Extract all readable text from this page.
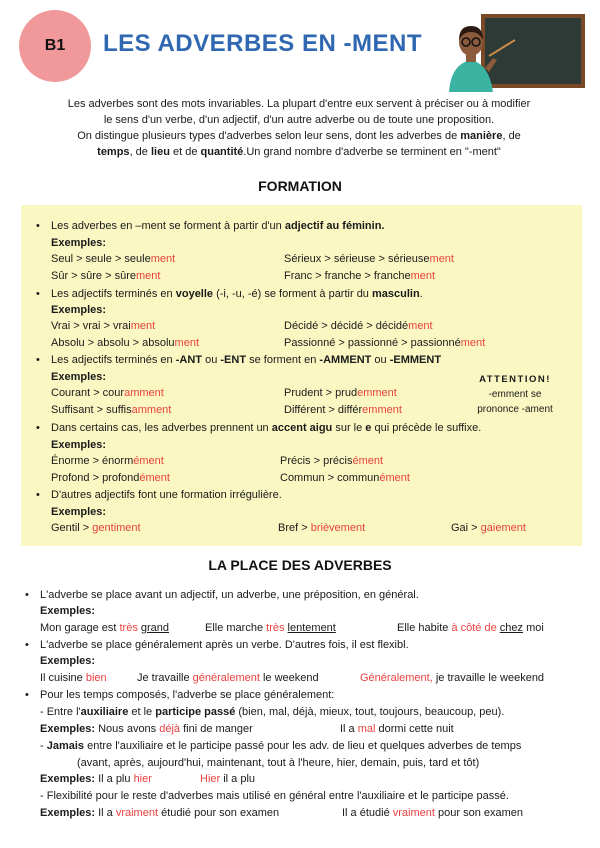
B1 LES ADVERBES EN -MENT
Les adverbes sont des mots invariables. La plupart d'entre eux servent à préciser ou à modifier
le sens d'un verbe, d'un adjectif, d'un autre adverbe ou de toute une proposition.
On distingue plusieurs types d'adverbes selon leur sens, dont les adverbes de manière, de
temps, de lieu et de quantité.Un grand nombre d'adverbe se terminent en "-ment"
FORMATION
• Les adverbes en –ment se forment à partir d'un adjectif au féminin.
Exemples:
Seul > seule > seulement	Sérieux > sérieuse > sérieusement
Sûr > sûre > sûrement	Franc > franche > franchement
• Les adjectifs terminés en voyelle (-i, -u, -é) se forment à partir du masculin.
Exemples:
Vrai > vrai > vraiment	Décidé > décidé > décidément
Absolu > absolu > absolument	Passionné > passionné > passionnément
• Les adjectifs terminés en -ANT ou -ENT se forment en -AMMENT ou -EMMENT
Exemples:
Courant > couramment	Prudent > prudemment
Suffisant > suffisamment	Différent > différemment
ATTENTION!
-emment se
prononce -ament
• Dans certains cas, les adverbes prennent un accent aigu sur le e qui précède le suffixe.
Exemples:
Énorme > énormément	Précis > précisément
Profond > profondément	Commun > communément
• D'autres adjectifs font une formation irrégulière.
Exemples:
Gentil > gentiment	Bref > brièvement	Gai > gaiement
LA PLACE DES ADVERBES
• L'adverbe se place avant un adjectif, un adverbe, une préposition, en général.
Exemples:
Mon garage est très grand	Elle marche très lentement	Elle habite à côté de chez moi
• L'adverbe se place généralement après un verbe. D'autres fois, il est flexibl.
Exemples:
Il cuisine bien	Je travaille généralement le weekend	Généralement, je travaille le weekend
• Pour les temps composés, l'adverbe se place généralement:
- Entre l'auxiliaire et le participe passé (bien, mal, déjà, mieux, tout, toujours, beaucoup, peu).
Exemples: Nous avons déjà fini de manger	Il a mal dormi cette nuit
- Jamais entre l'auxiliaire et le participe passé pour les adv. de lieu et quelques adverbes de temps
(avant, après, aujourd'hui, maintenant, tout à l'heure, hier, demain, puis, tard et tôt)
Exemples: Il a plu hier	Hier il a plu
- Flexibilité pour le reste d'adverbes mais utilisé en général entre l'auxiliaire et le participe passé.
Exemples: Il a vraiment étudié pour son examen	Il a étudié vraiment pour son examen
